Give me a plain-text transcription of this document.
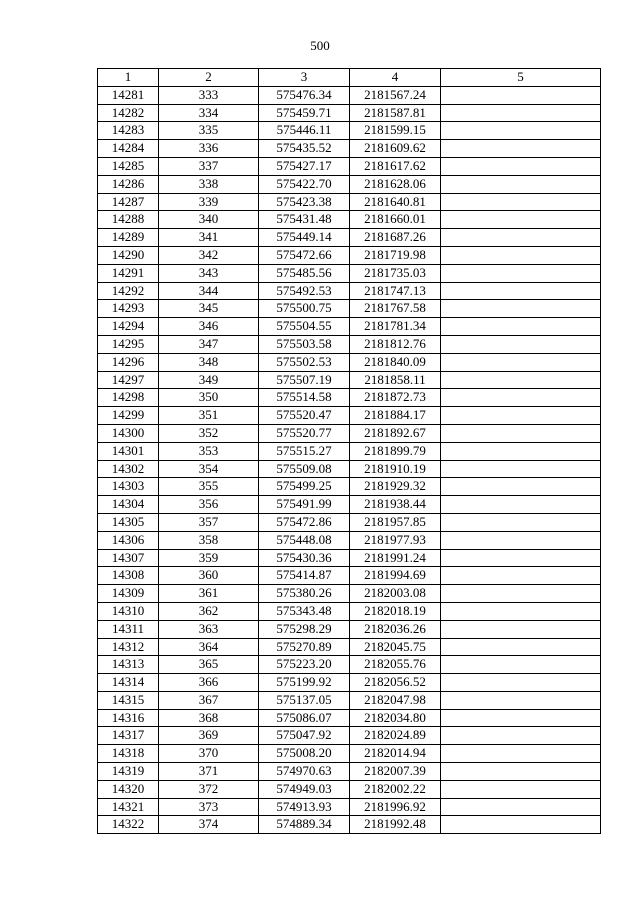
500
1	2	3	4	5
14281	333	575476.34	2181567.24	
14282	334	575459.71	2181587.81	
14283	335	575446.11	2181599.15	
14284	336	575435.52	2181609.62	
14285	337	575427.17	2181617.62	
14286	338	575422.70	2181628.06	
14287	339	575423.38	2181640.81	
14288	340	575431.48	2181660.01	
14289	341	575449.14	2181687.26	
14290	342	575472.66	2181719.98	
14291	343	575485.56	2181735.03	
14292	344	575492.53	2181747.13	
14293	345	575500.75	2181767.58	
14294	346	575504.55	2181781.34	
14295	347	575503.58	2181812.76	
14296	348	575502.53	2181840.09	
14297	349	575507.19	2181858.11	
14298	350	575514.58	2181872.73	
14299	351	575520.47	2181884.17	
14300	352	575520.77	2181892.67	
14301	353	575515.27	2181899.79	
14302	354	575509.08	2181910.19	
14303	355	575499.25	2181929.32	
14304	356	575491.99	2181938.44	
14305	357	575472.86	2181957.85	
14306	358	575448.08	2181977.93	
14307	359	575430.36	2181991.24	
14308	360	575414.87	2181994.69	
14309	361	575380.26	2182003.08	
14310	362	575343.48	2182018.19	
14311	363	575298.29	2182036.26	
14312	364	575270.89	2182045.75	
14313	365	575223.20	2182055.76	
14314	366	575199.92	2182056.52	
14315	367	575137.05	2182047.98	
14316	368	575086.07	2182034.80	
14317	369	575047.92	2182024.89	
14318	370	575008.20	2182014.94	
14319	371	574970.63	2182007.39	
14320	372	574949.03	2182002.22	
14321	373	574913.93	2181996.92	
14322	374	574889.34	2181992.48	
